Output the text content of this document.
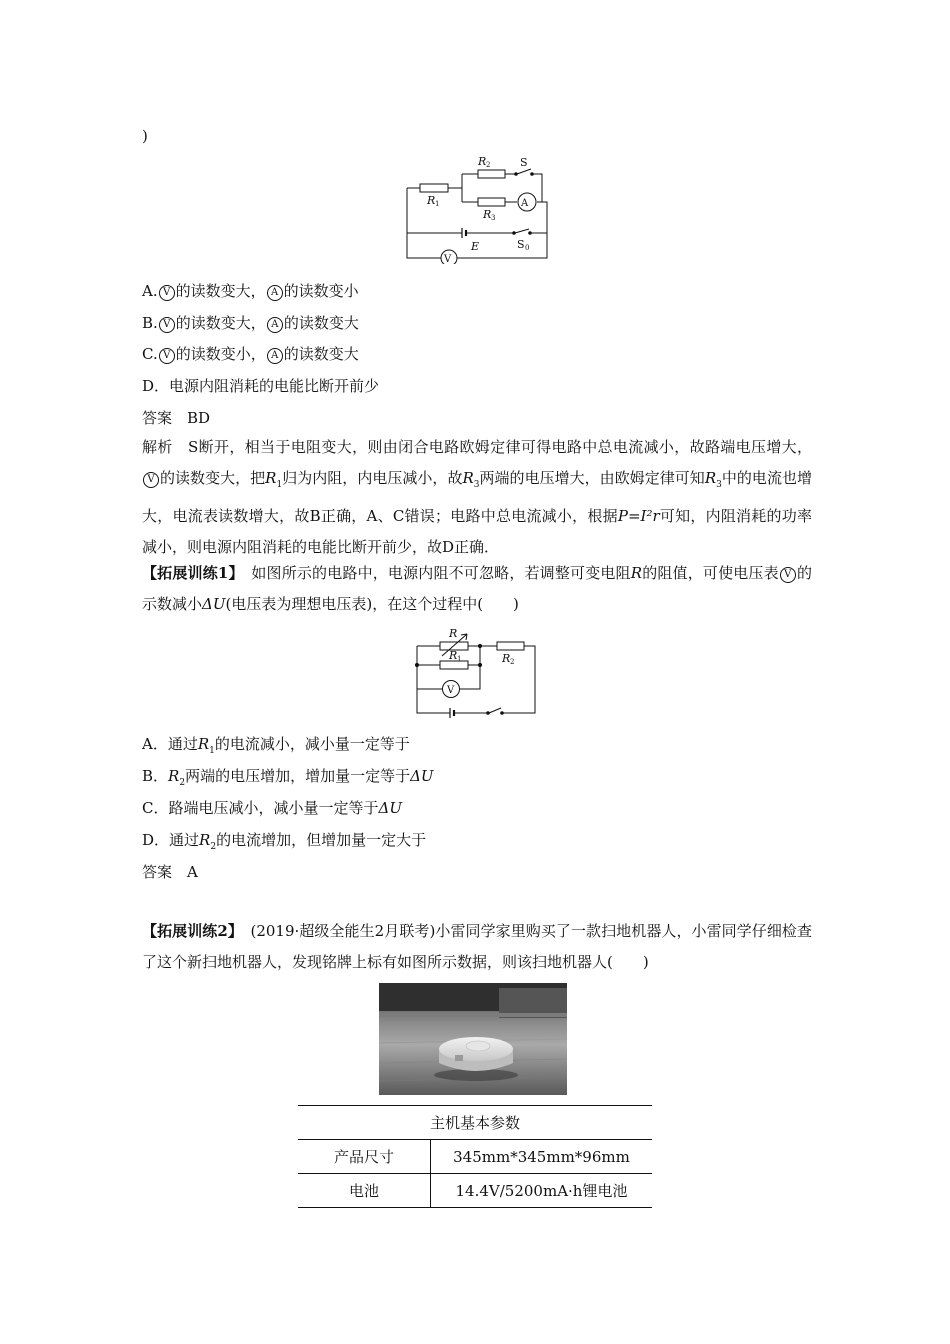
)
R 2	S
R 1
R 3
A
E	S 0
V
A. V 的读数变大， A 的读数变小
B. V 的读数变大， A 的读数变大
C. V 的读数变小， A 的读数变大
D．电源内阻消耗的电能比断开前少
答案　BD
解析　S断开，相当于电阻变大，则由闭合电路欧姆定律可得电路中总电流减小，故路端电压增大，V 的读数变大，把$R_1$归为内阻，内电压减小，故$R_3$两端的电压增大，由欧姆定律可知$R_3$中的电流也增大，电流表读数增大，故B正确，A、C错误；电路中总电流减小，根据P=I²r可知，内阻消耗的功率减小，则电源内阻消耗的电能比断开前少，故D正确．
【拓展训练1】　如图所示的电路中，电源内阻不可忽略，若调整可变电阻R的阻值，可使电压表 V 的示数减小ΔU(电压表为理想电压表)，在这个过程中(　　)
R
R 1	R 2
V
A．通过$R_1$的电流减小，减小量一定等于
B．$R_2$两端的电压增加，增加量一定等于ΔU
C．路端电压减小，减小量一定等于ΔU
D．通过$R_2$的电流增加，但增加量一定大于
答案　A
【拓展训练2】　(2019·超级全能生2月联考)小雷同学家里购买了一款扫地机器人，小雷同学仔细检查了这个新扫地机器人，发现铭牌上标有如图所示数据，则该扫地机器人(　　)
主机基本参数	
产品尺寸	345mm*345mm*96mm
电池	14.4V/5200mA·h锂电池
